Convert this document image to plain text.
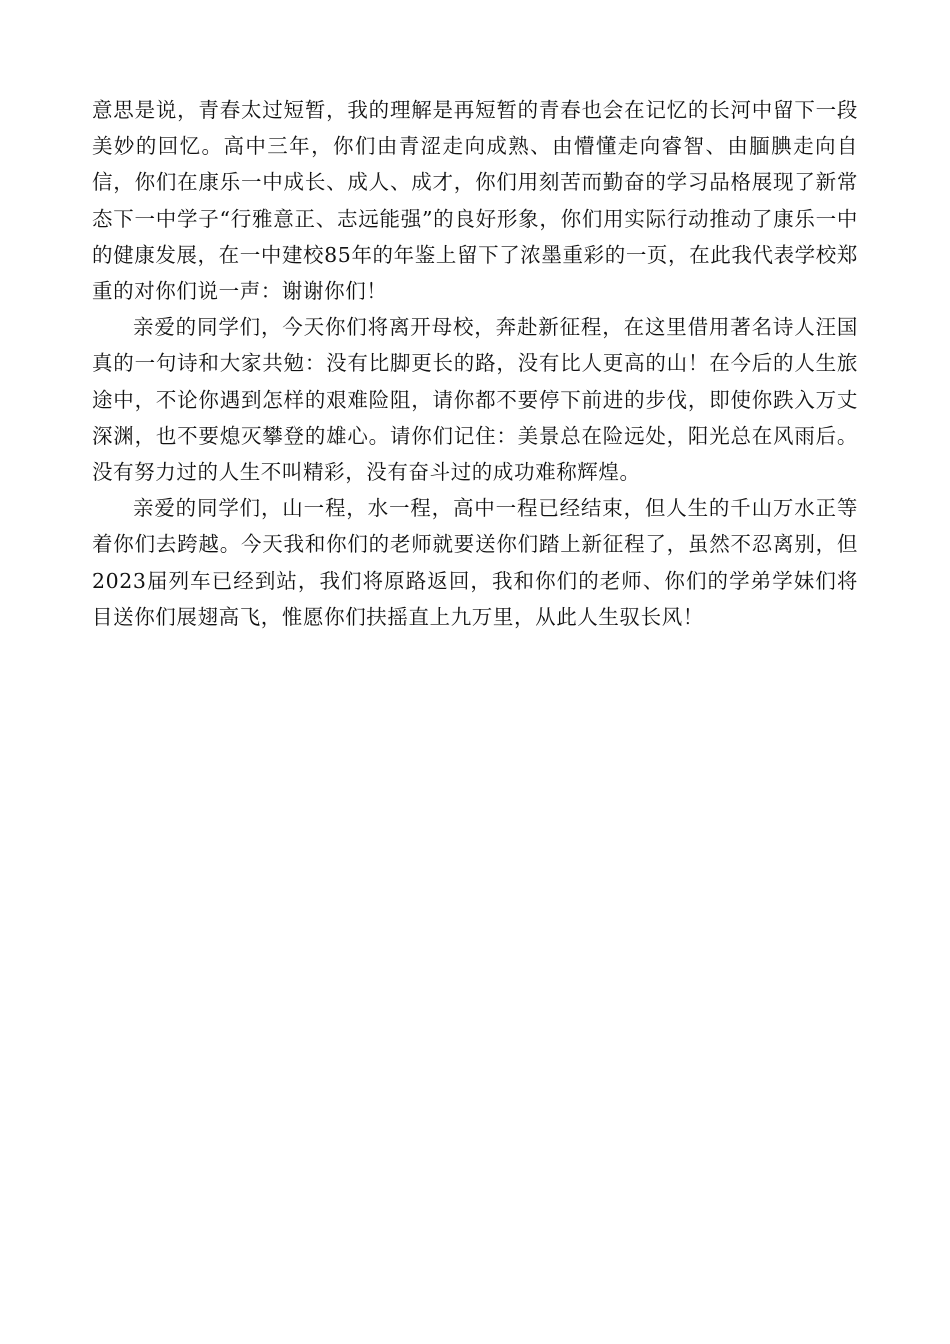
意思是说，青春太过短暂，我的理解是再短暂的青春也会在记忆的长河中留下一段美妙的回忆。高中三年，你们由青涩走向成熟、由懵懂走向睿智、由腼腆走向自信，你们在康乐一中成长、成人、成才，你们用刻苦而勤奋的学习品格展现了新常态下一中学子“行雅意正、志远能强”的良好形象，你们用实际行动推动了康乐一中的健康发展，在一中建校85年的年鉴上留下了浓墨重彩的一页，在此我代表学校郑重的对你们说一声：谢谢你们！

亲爱的同学们，今天你们将离开母校，奔赴新征程，在这里借用著名诗人汪国真的一句诗和大家共勉：没有比脚更长的路，没有比人更高的山！在今后的人生旅途中，不论你遇到怎样的艰难险阻，请你都不要停下前进的步伐，即使你跌入万丈深渊，也不要熄灭攀登的雄心。请你们记住：美景总在险远处，阳光总在风雨后。没有努力过的人生不叫精彩，没有奋斗过的成功难称辉煌。

亲爱的同学们，山一程，水一程，高中一程已经结束，但人生的千山万水正等着你们去跨越。今天我和你们的老师就要送你们踏上新征程了，虽然不忍离别，但2023届列车已经到站，我们将原路返回，我和你们的老师、你们的学弟学妹们将目送你们展翅高飞，惟愿你们扶摇直上九万里，从此人生驭长风！
